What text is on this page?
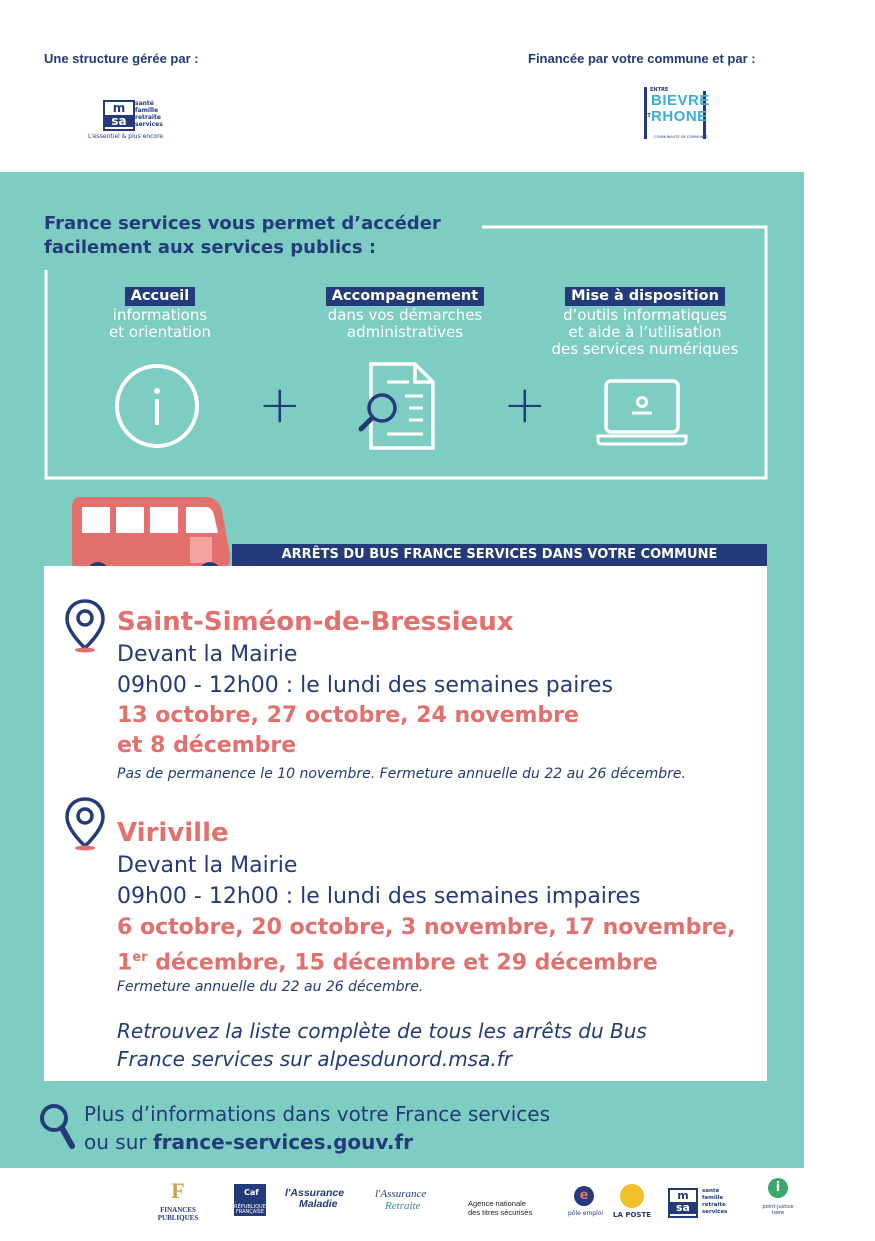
Une structure gérée par :	Financée par votre commune et par :
m
sa
santé
famille
retraite
services
L'essentiel & plus encore
ENTRE
BIEVRE
ET RHONE
COMMUNAUTÉ DE COMMUNES
France services vous permet d’accéder
facilement aux services publics :
Accueil
informations
et orientation
Accompagnement
dans vos démarches
administratives
Mise à disposition
d’outils informatiques
et aide à l’utilisation
des services numériques
+	+
ARRÊTS DU BUS FRANCE SERVICES DANS VOTRE COMMUNE
Saint-Siméon-de-Bressieux
Devant la Mairie
09h00 - 12h00 : le lundi des semaines paires
13 octobre, 27 octobre, 24 novembre
et 8 décembre
Pas de permanence le 10 novembre. Fermeture annuelle du 22 au 26 décembre.
Viriville
Devant la Mairie
09h00 - 12h00 : le lundi des semaines impaires
6 octobre, 20 octobre, 3 novembre, 17 novembre,
1er décembre, 15 décembre et 29 décembre
Fermeture annuelle du 22 au 26 décembre.
Retrouvez la liste complète de tous les arrêts du Bus
France services sur alpesdunord.msa.fr
Plus d’informations dans votre France services
ou sur france-services.gouv.fr
F
FINANCES PUBLIQUES
RÉPUBLIQUE FRANÇAISE
Caf	l'Assurance
Maladie
l'Assurance
Retraite	Agence nationale
des titres sécurisés
e
pôle emploi LA POSTE
m
sa
santé
famille
retraite
services
i
point-justice
Isère
